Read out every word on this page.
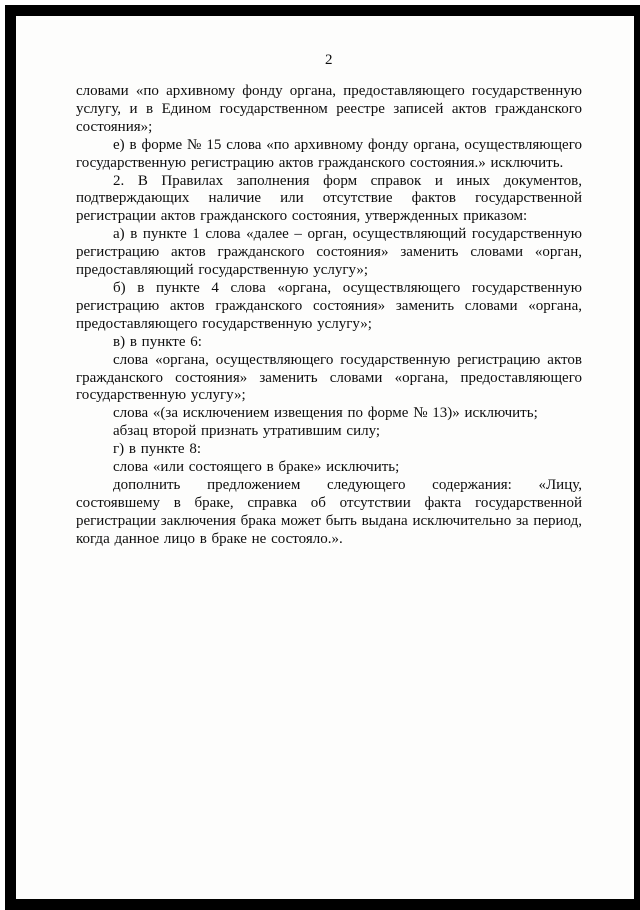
2

словами «по архивному фонду органа, предоставляющего государственную услугу, и в Едином государственном реестре записей актов гражданского состояния»;

е) в форме № 15 слова «по архивному фонду органа, осуществляющего государственную регистрацию актов гражданского состояния.» исключить.

2. В Правилах заполнения форм справок и иных документов, подтверждающих наличие или отсутствие фактов государственной регистрации актов гражданского состояния, утвержденных приказом:

а) в пункте 1 слова «далее – орган, осуществляющий государственную регистрацию актов гражданского состояния» заменить словами «орган, предоставляющий государственную услугу»;

б) в пункте 4 слова «органа, осуществляющего государственную регистрацию актов гражданского состояния» заменить словами «органа, предоставляющего государственную услугу»;

в) в пункте 6:

слова «органа, осуществляющего государственную регистрацию актов гражданского состояния» заменить словами «органа, предоставляющего государственную услугу»;

слова «(за исключением извещения по форме № 13)» исключить;

абзац второй признать утратившим силу;

г) в пункте 8:

слова «или состоящего в браке» исключить;

дополнить предложением следующего содержания: «Лицу, состоявшему в браке, справка об отсутствии факта государственной регистрации заключения брака может быть выдана исключительно за период, когда данное лицо в браке не состояло.».
